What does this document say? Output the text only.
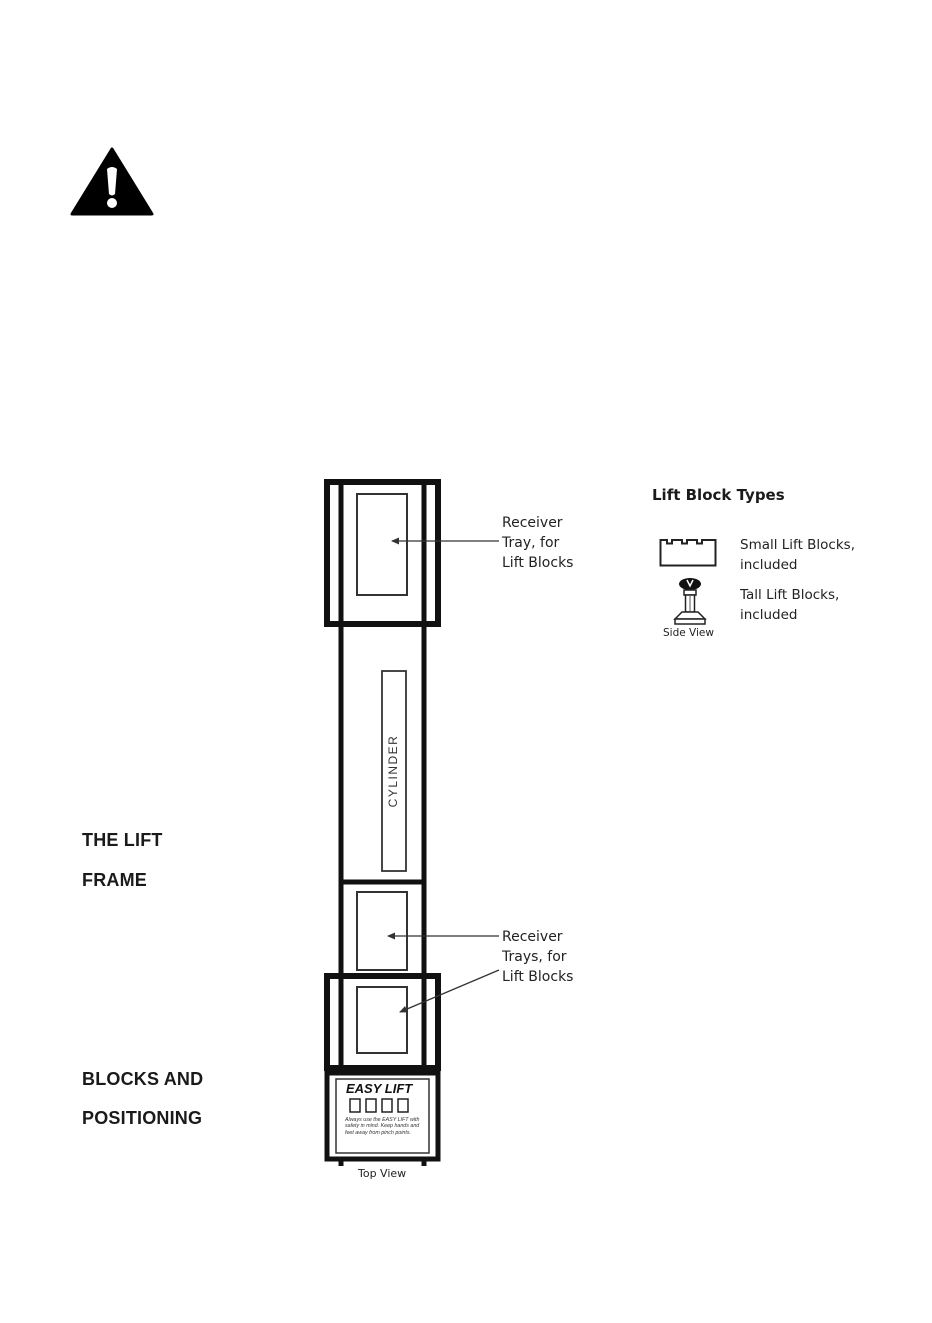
THE LIFT
FRAME
BLOCKS AND
POSITIONING
CYLINDER
EASY LIFT
Always use the EASY LIFT with safety in mind. Keep hands and feet away from pinch points.
Top View
Receiver
Tray, for
Lift Blocks
Receiver
Trays, for
Lift Blocks
Lift Block Types
Small Lift Blocks,
included
Tall Lift Blocks,
included
Side View
